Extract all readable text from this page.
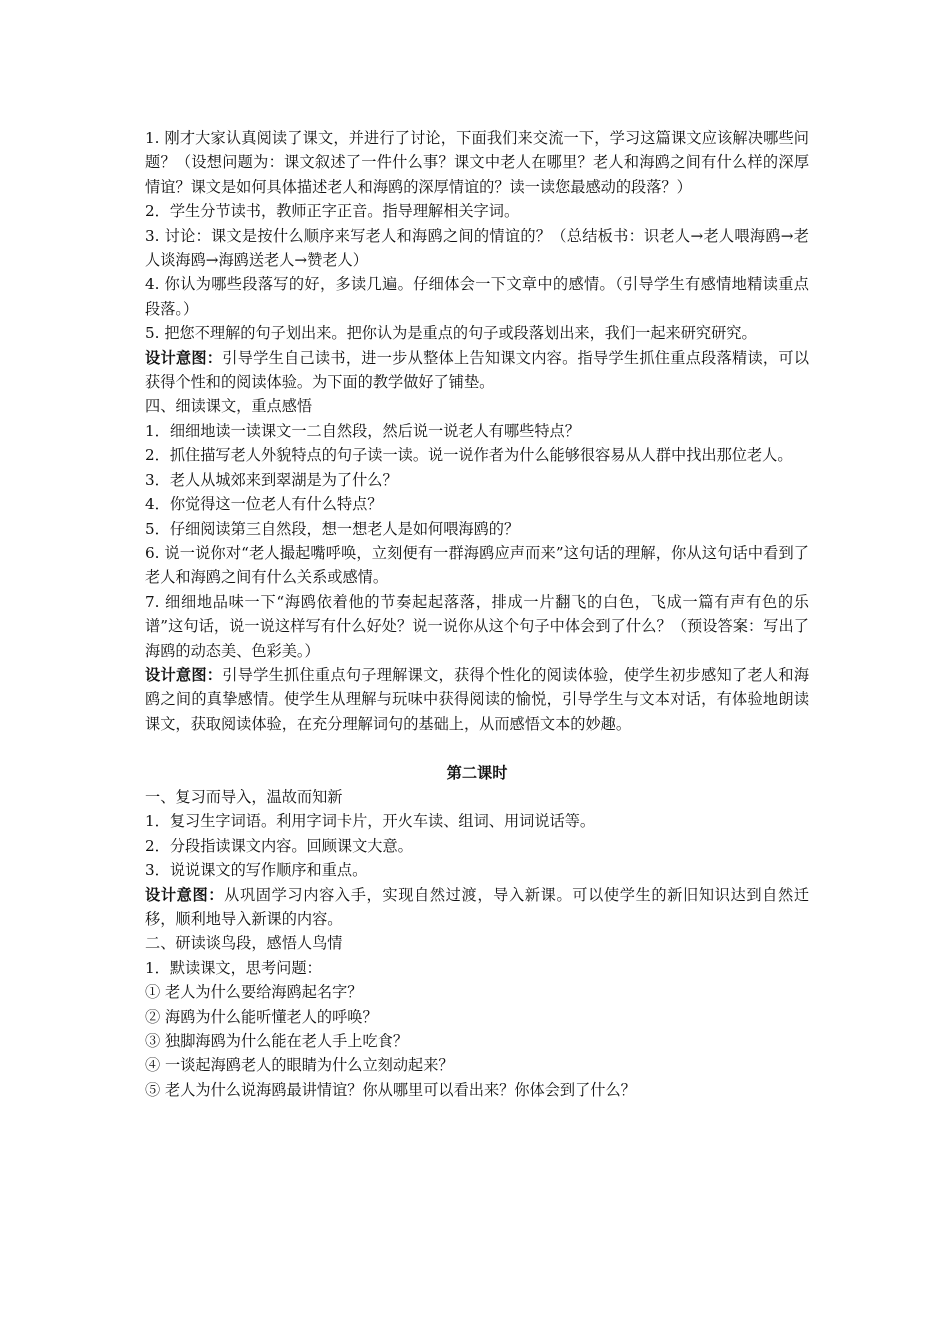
1. 刚才大家认真阅读了课文，并进行了讨论，下面我们来交流一下，学习这篇课文应该解决哪些问题？（设想问题为：课文叙述了一件什么事？课文中老人在哪里？老人和海鸥之间有什么样的深厚情谊？课文是如何具体描述老人和海鸥的深厚情谊的？读一读您最感动的段落？）

2．学生分节读书，教师正字正音。指导理解相关字词。

3. 讨论：课文是按什么顺序来写老人和海鸥之间的情谊的？（总结板书：识老人→老人喂海鸥→老人谈海鸥→海鸥送老人→赞老人）

4. 你认为哪些段落写的好，多读几遍。仔细体会一下文章中的感情。（引导学生有感情地精读重点段落。）

5. 把您不理解的句子划出来。把你认为是重点的句子或段落划出来，我们一起来研究研究。

设计意图：引导学生自己读书，进一步从整体上告知课文内容。指导学生抓住重点段落精读，可以获得个性和的阅读体验。为下面的教学做好了铺垫。

四、细读课文，重点感悟

1．细细地读一读课文一二自然段，然后说一说老人有哪些特点？

2．抓住描写老人外貌特点的句子读一读。说一说作者为什么能够很容易从人群中找出那位老人。

3．老人从城郊来到翠湖是为了什么？

4．你觉得这一位老人有什么特点？

5．仔细阅读第三自然段，想一想老人是如何喂海鸥的？

6. 说一说你对“老人撮起嘴呼唤，立刻便有一群海鸥应声而来”这句话的理解，你从这句话中看到了老人和海鸥之间有什么关系或感情。

7. 细细地品味一下“海鸥依着他的节奏起起落落，排成一片翻飞的白色，飞成一篇有声有色的乐谱”这句话，说一说这样写有什么好处？说一说你从这个句子中体会到了什么？（预设答案：写出了海鸥的动态美、色彩美。）

设计意图：引导学生抓住重点句子理解课文，获得个性化的阅读体验，使学生初步感知了老人和海鸥之间的真挚感情。使学生从理解与玩味中获得阅读的愉悦，引导学生与文本对话，有体验地朗读课文，获取阅读体验，在充分理解词句的基础上，从而感悟文本的妙趣。

第二课时

一、复习而导入，温故而知新

1．复习生字词语。利用字词卡片，开火车读、组词、用词说话等。

2．分段指读课文内容。回顾课文大意。

3．说说课文的写作顺序和重点。

设计意图：从巩固学习内容入手，实现自然过渡，导入新课。可以使学生的新旧知识达到自然迁移，顺利地导入新课的内容。

二、研读谈鸟段，感悟人鸟情

1．默读课文，思考问题：

① 老人为什么要给海鸥起名字？

② 海鸥为什么能听懂老人的呼唤？

③ 独脚海鸥为什么能在老人手上吃食？

④ 一谈起海鸥老人的眼睛为什么立刻动起来？

⑤ 老人为什么说海鸥最讲情谊？你从哪里可以看出来？你体会到了什么？
